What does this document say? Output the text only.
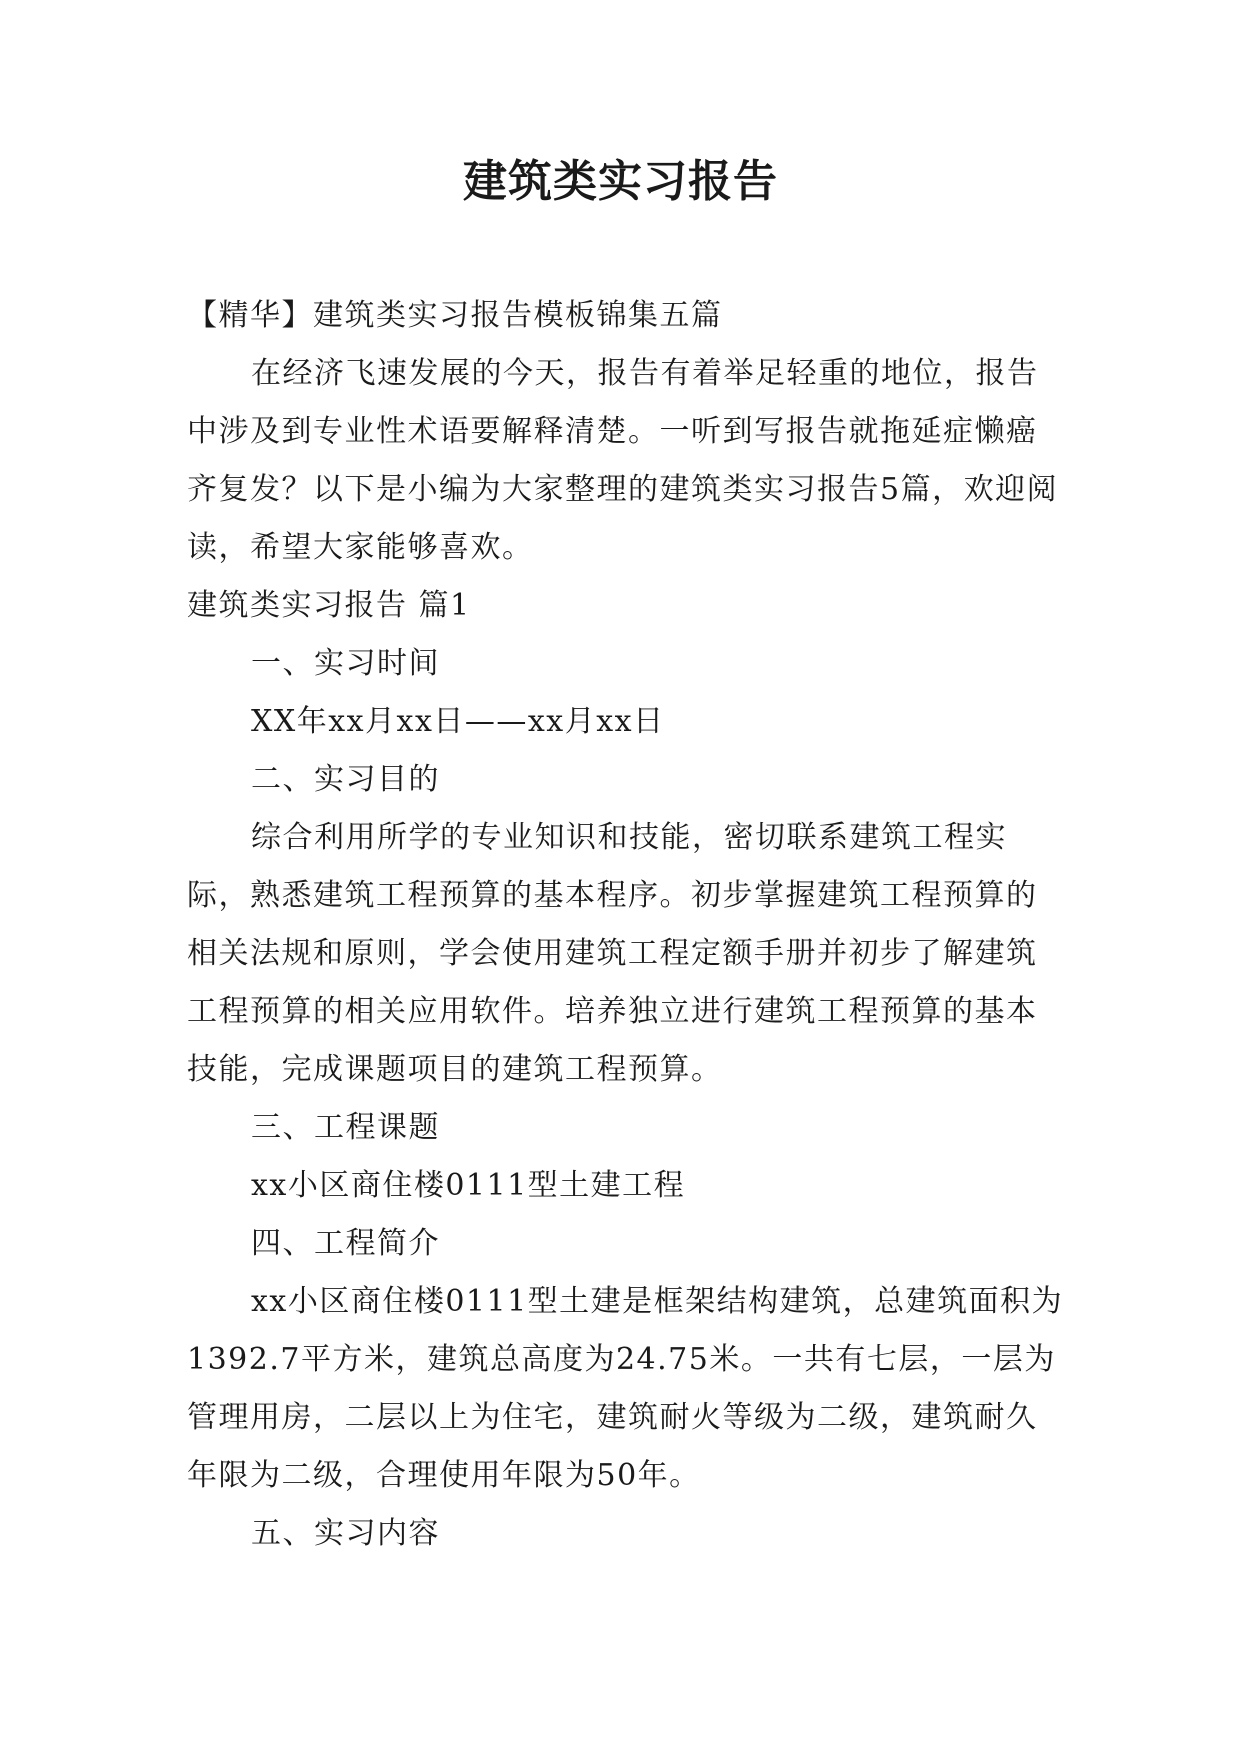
建筑类实习报告

【精华】建筑类实习报告模板锦集五篇

在经济飞速发展的今天，报告有着举足轻重的地位，报告中涉及到专业性术语要解释清楚。一听到写报告就拖延症懒癌齐复发？以下是小编为大家整理的建筑类实习报告5篇，欢迎阅读，希望大家能够喜欢。

建筑类实习报告 篇1

一、实习时间

XX年xx月xx日——xx月xx日

二、实习目的

综合利用所学的专业知识和技能，密切联系建筑工程实际，熟悉建筑工程预算的基本程序。初步掌握建筑工程预算的相关法规和原则，学会使用建筑工程定额手册并初步了解建筑工程预算的相关应用软件。培养独立进行建筑工程预算的基本技能，完成课题项目的建筑工程预算。

三、工程课题

xx小区商住楼0111型土建工程

四、工程简介

xx小区商住楼0111型土建是框架结构建筑，总建筑面积为1392.7平方米，建筑总高度为24.75米。一共有七层，一层为管理用房，二层以上为住宅，建筑耐火等级为二级，建筑耐久年限为二级，合理使用年限为50年。

五、实习内容
